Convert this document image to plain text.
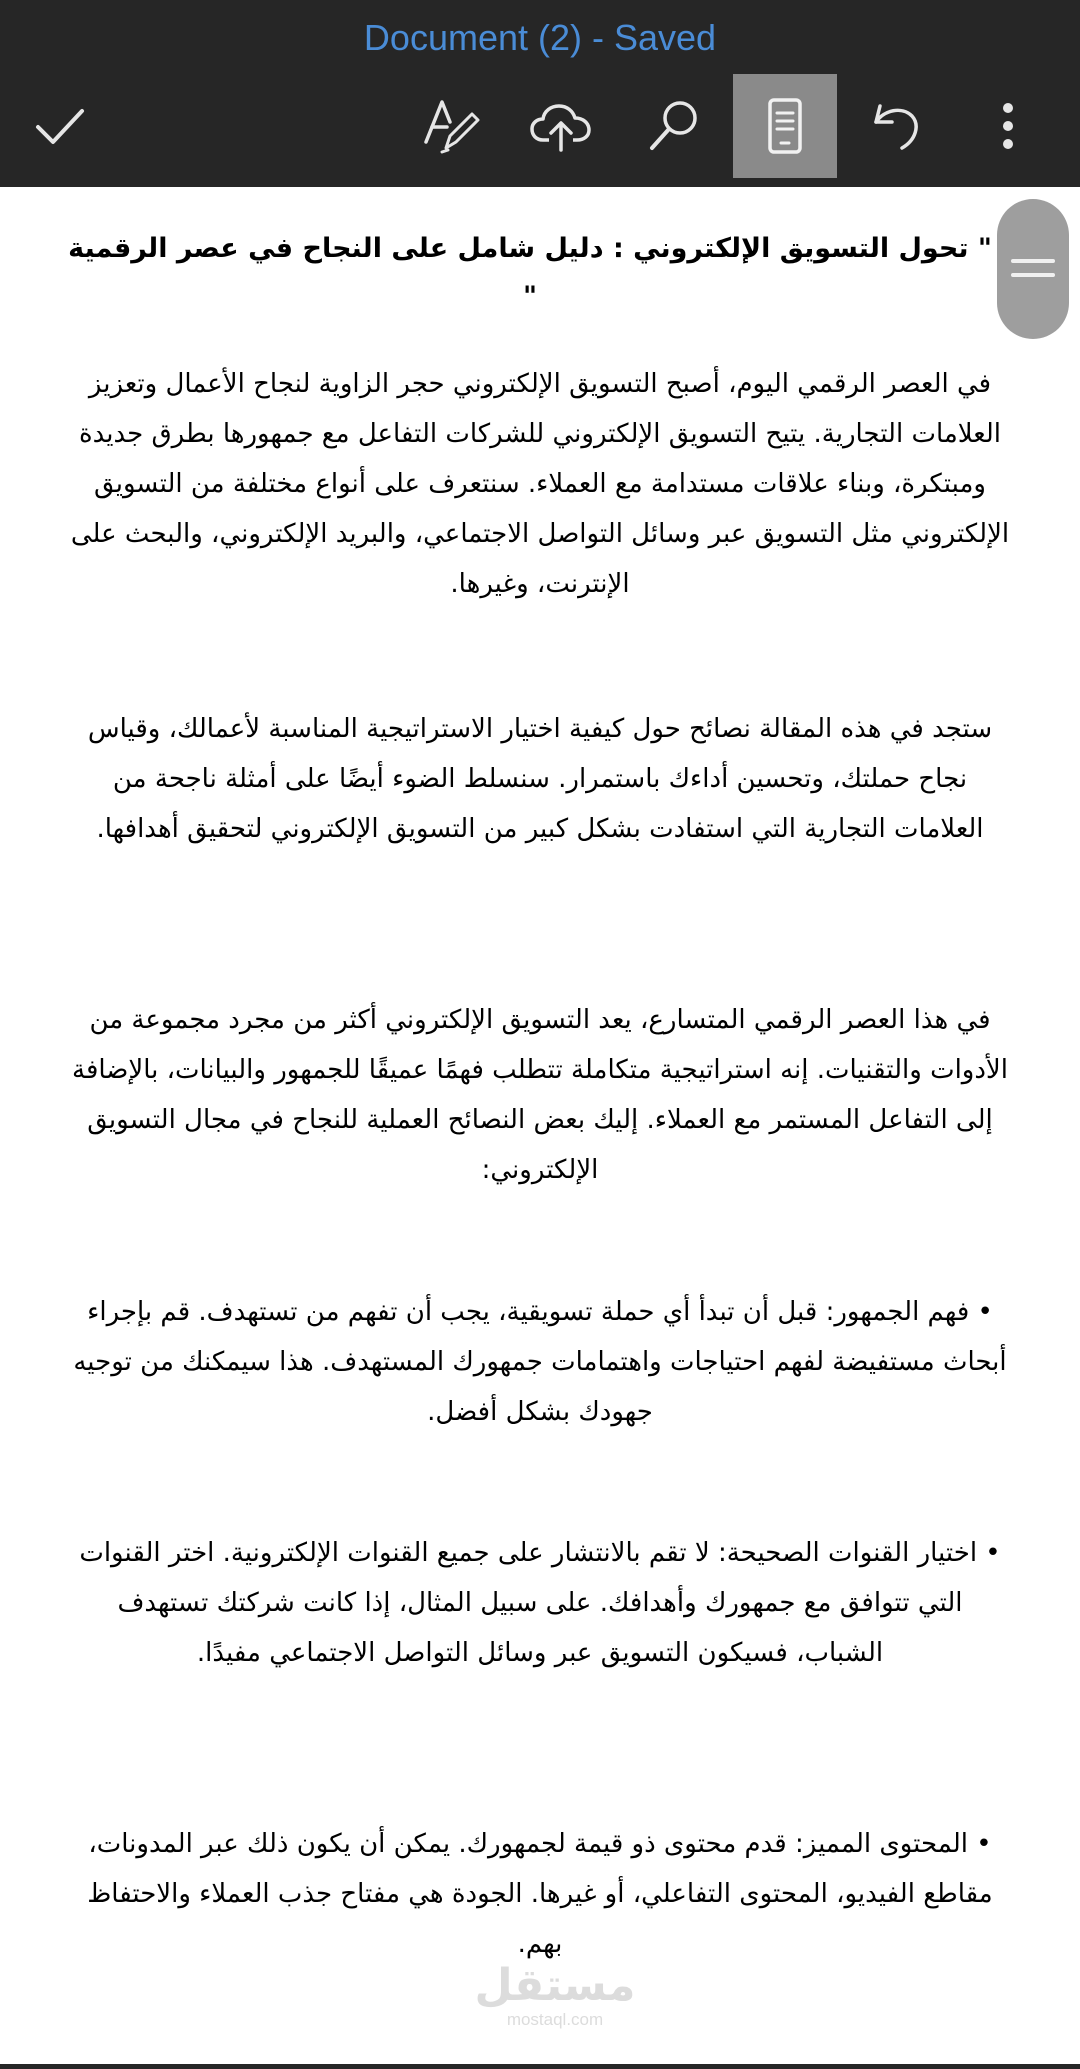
Document (2) - Saved
" تحول التسويق الإلكتروني : دليل شامل على النجاح في عصر الرقمية "
في العصر الرقمي اليوم، أصبح التسويق الإلكتروني حجر الزاوية لنجاح الأعمال وتعزيز العلامات التجارية. يتيح التسويق الإلكتروني للشركات التفاعل مع جمهورها بطرق جديدة ومبتكرة، وبناء علاقات مستدامة مع العملاء. سنتعرف على أنواع مختلفة من التسويق الإلكتروني مثل التسويق عبر وسائل التواصل الاجتماعي، والبريد الإلكتروني، والبحث على الإنترنت، وغيرها.
ستجد في هذه المقالة نصائح حول كيفية اختيار الاستراتيجية المناسبة لأعمالك، وقياس نجاح حملتك، وتحسين أداءك باستمرار. سنسلط الضوء أيضًا على أمثلة ناجحة من العلامات التجارية التي استفادت بشكل كبير من التسويق الإلكتروني لتحقيق أهدافها.
في هذا العصر الرقمي المتسارع، يعد التسويق الإلكتروني أكثر من مجرد مجموعة من الأدوات والتقنيات. إنه استراتيجية متكاملة تتطلب فهمًا عميقًا للجمهور والبيانات، بالإضافة إلى التفاعل المستمر مع العملاء. إليك بعض النصائح العملية للنجاح في مجال التسويق الإلكتروني:
• فهم الجمهور: قبل أن تبدأ أي حملة تسويقية، يجب أن تفهم من تستهدف. قم بإجراء أبحاث مستفيضة لفهم احتياجات واهتمامات جمهورك المستهدف. هذا سيمكنك من توجيه جهودك بشكل أفضل.
• اختيار القنوات الصحيحة: لا تقم بالانتشار على جميع القنوات الإلكترونية. اختر القنوات التي تتوافق مع جمهورك وأهدافك. على سبيل المثال، إذا كانت شركتك تستهدف الشباب، فسيكون التسويق عبر وسائل التواصل الاجتماعي مفيدًا.
• المحتوى المميز: قدم محتوى ذو قيمة لجمهورك. يمكن أن يكون ذلك عبر المدونات، مقاطع الفيديو، المحتوى التفاعلي، أو غيرها. الجودة هي مفتاح جذب العملاء والاحتفاظ بهم.
مستقل
mostaql.com
